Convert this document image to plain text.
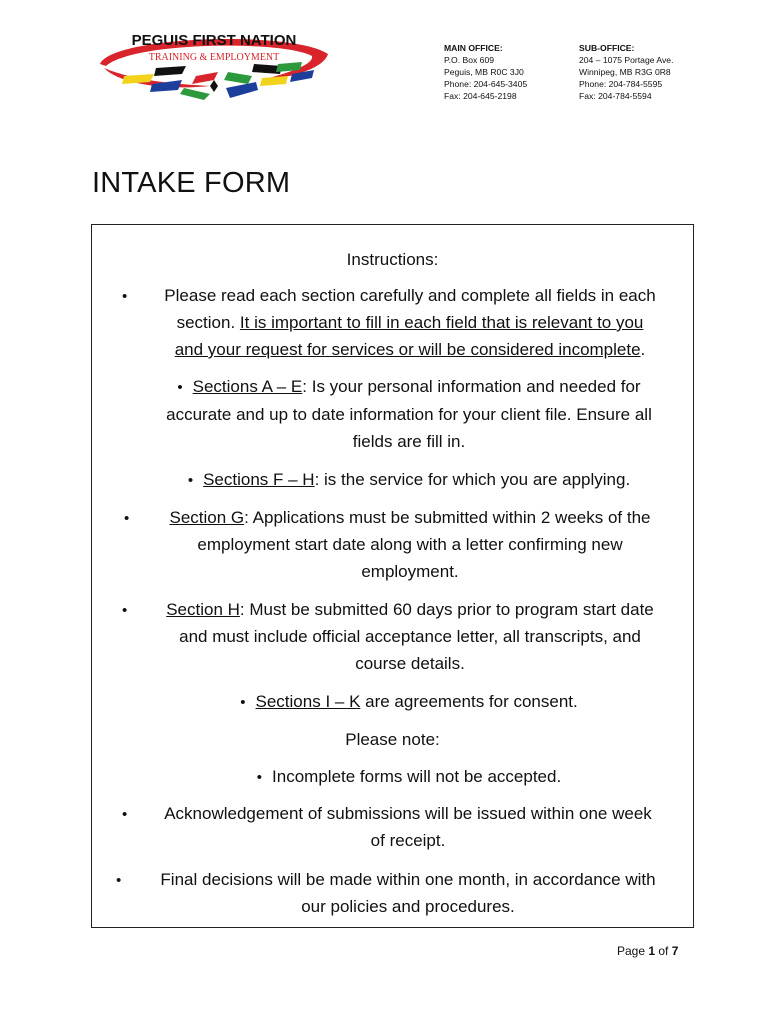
PEGUIS FIRST NATION
TRAINING & EMPLOYMENT
MAIN OFFICE:
P.O. Box 609
Peguis, MB R0C 3J0
Phone: 204-645-3405
Fax: 204-645-2198
SUB-OFFICE:
204 – 1075 Portage Ave.
Winnipeg, MB R3G 0R8
Phone: 204-784-5595
Fax: 204-784-5594
INTAKE FORM
Instructions:
•	Please read each section carefully and complete all fields in each
section. It is important to fill in each field that is relevant to you
and your request for services or will be considered incomplete.
• Sections A – E: Is your personal information and needed for
accurate and up to date information for your client file. Ensure all
fields are fill in.
• Sections F – H: is the service for which you are applying.
•	Section G: Applications must be submitted within 2 weeks of the
employment start date along with a letter confirming new
employment.
•	Section H: Must be submitted 60 days prior to program start date
and must include official acceptance letter, all transcripts, and
course details.
• Sections I – K are agreements for consent.
Please note:
• Incomplete forms will not be accepted.
•	Acknowledgement of submissions will be issued within one week
of receipt.
•	Final decisions will be made within one month, in accordance with
our policies and procedures.
Page 1 of 7
